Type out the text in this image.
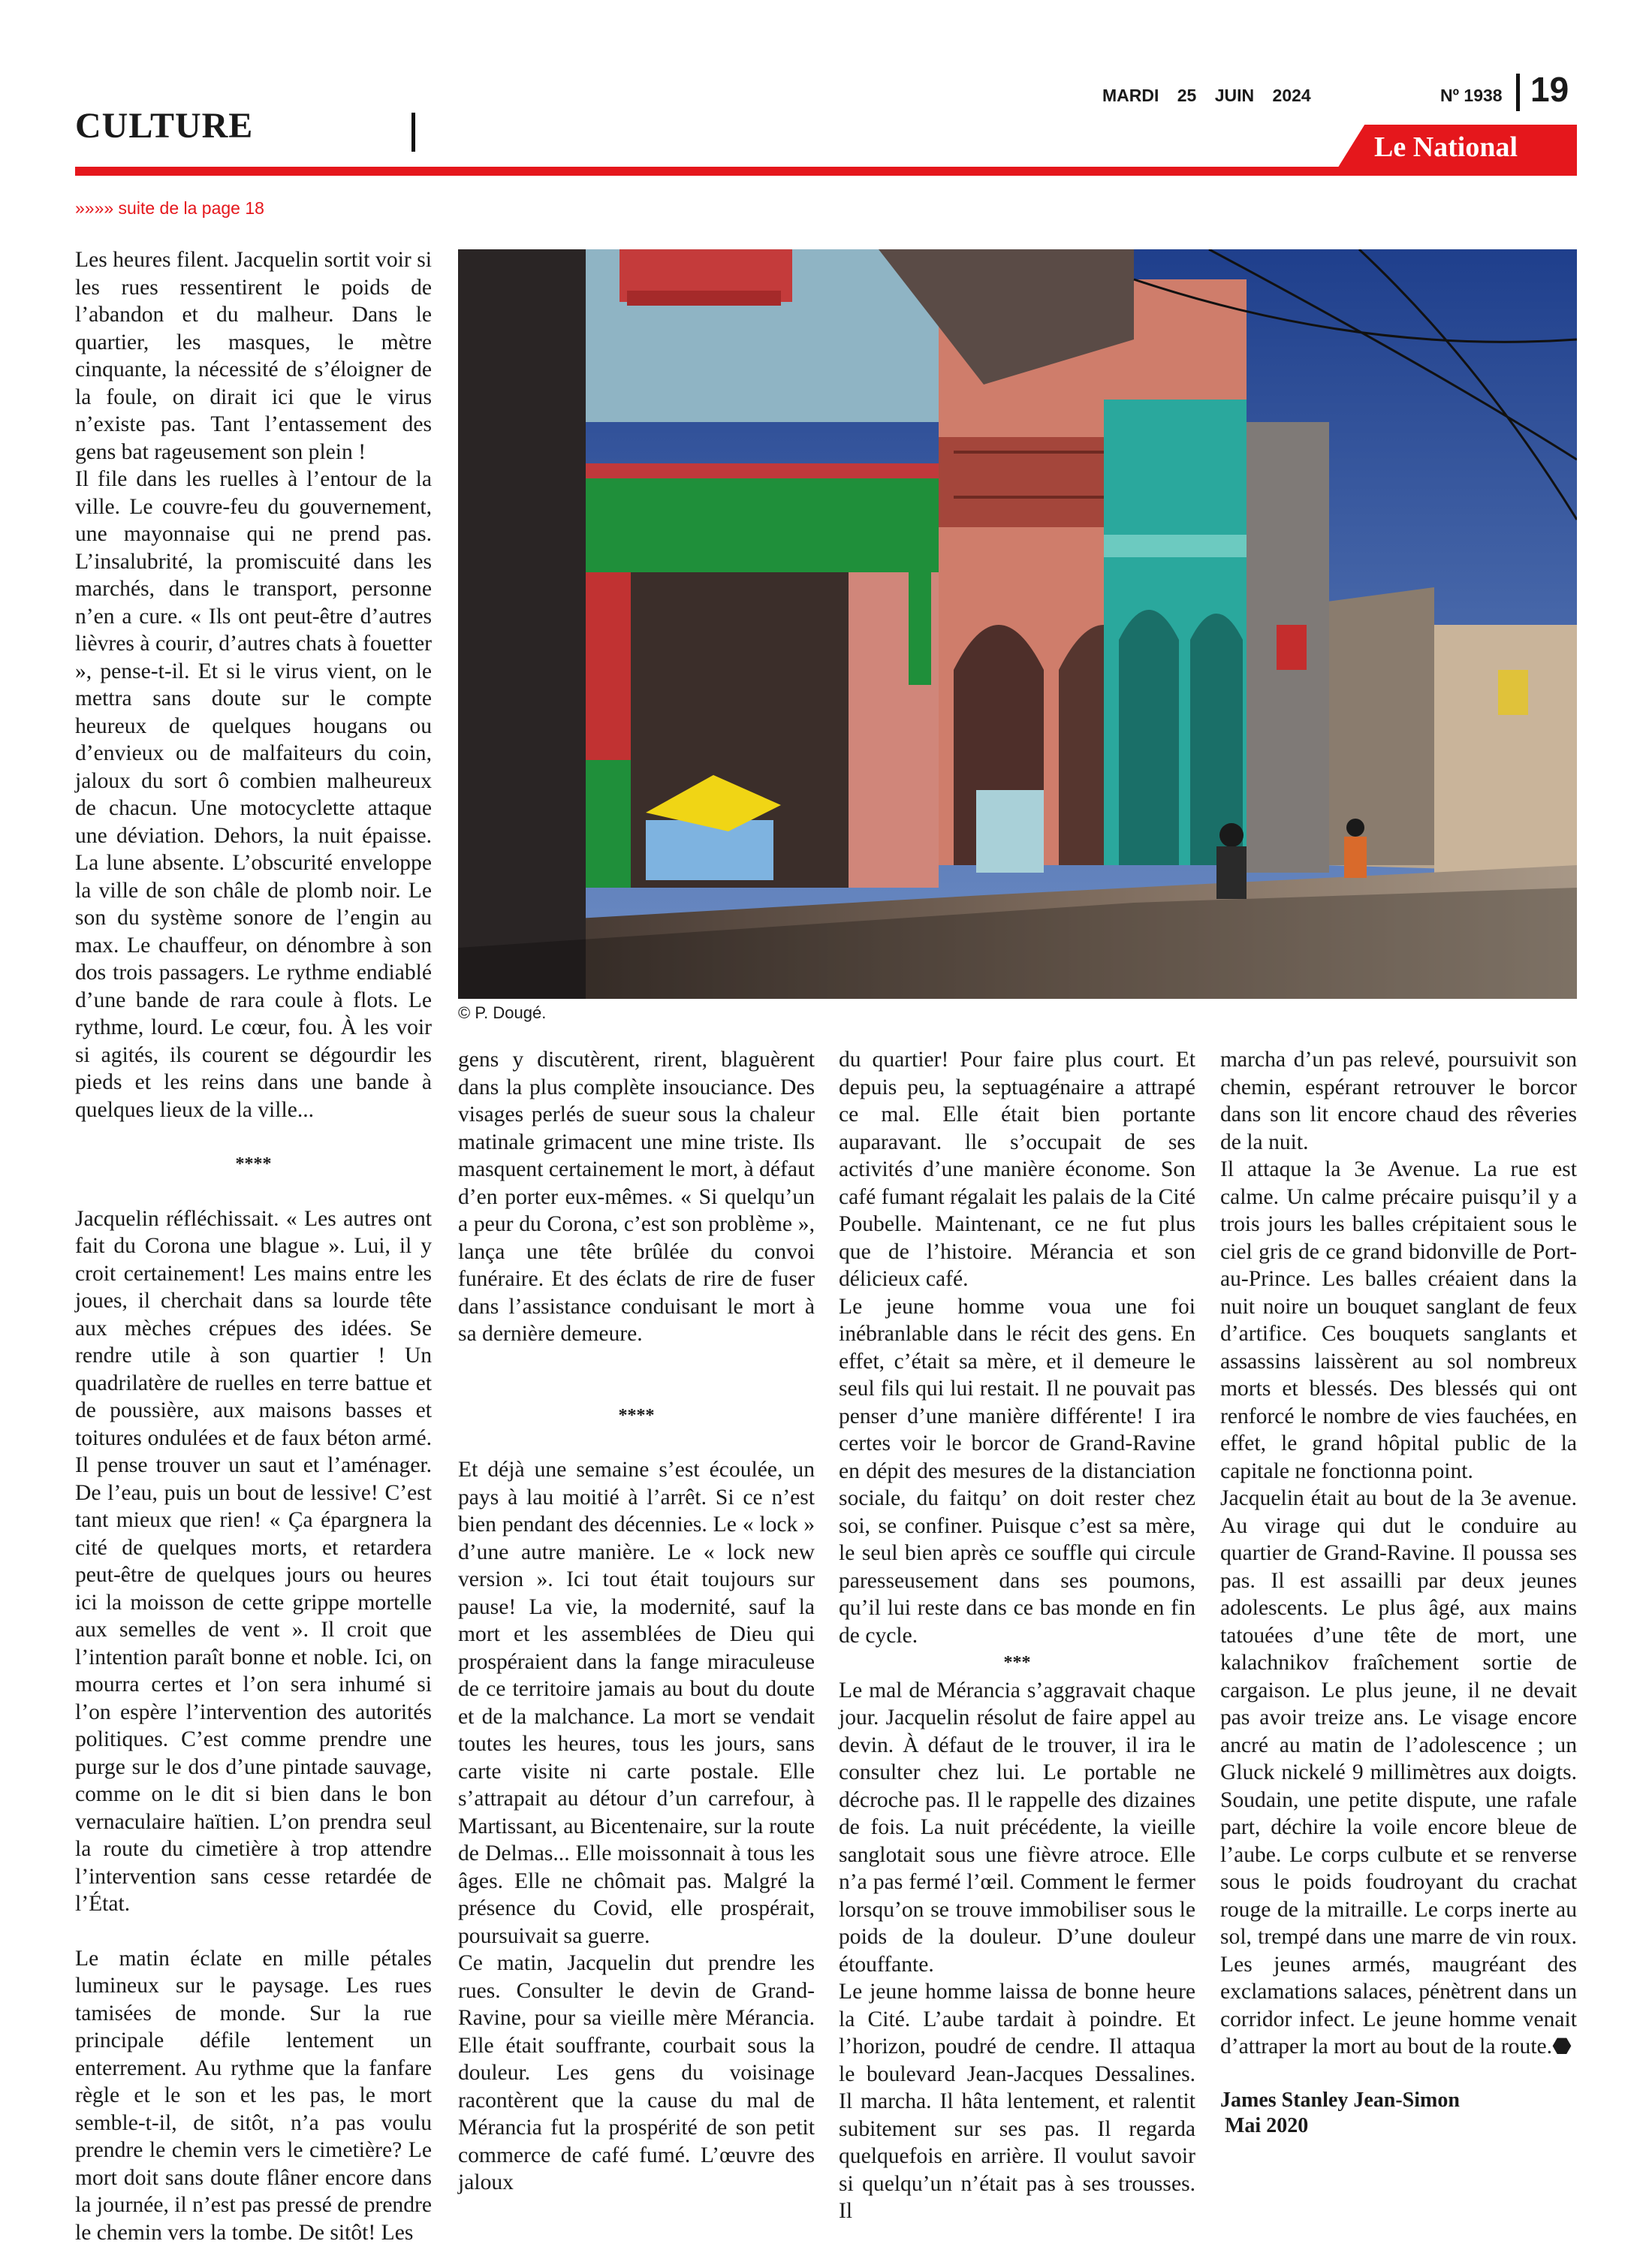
CULTURE
MARDI 25 JUIN 2024	Nº 1938 19
Le National
»»»» suite de la page 18
© P. Dougé.

Les heures filent. Jacquelin sortit voir si les rues ressentirent le poids de l’abandon et du malheur. Dans le quartier, les masques, le mètre cinquante, la nécessité de s’éloigner de la foule, on dirait ici que le virus n’existe pas. Tant l’entassement des gens bat rageusement son plein !

Il file dans les ruelles à l’entour de la ville. Le couvre-feu du gouvernement, une mayonnaise qui ne prend pas. L’insalubrité, la promiscuité dans les marchés, dans le transport, personne n’en a cure. « Ils ont peut-être d’autres lièvres à courir, d’autres chats à fouetter », pense-t-il. Et si le virus vient, on le mettra sans doute sur le compte heureux de quelques hougans ou d’envieux ou de malfaiteurs du coin, jaloux du sort ô combien malheureux de chacun. Une motocyclette attaque une déviation. Dehors, la nuit épaisse. La lune absente. L’obscurité enveloppe la ville de son châle de plomb noir. Le son du système sonore de l’engin au max. Le chauffeur, on dénombre à son dos trois passagers. Le rythme endiablé d’une bande de rara coule à flots. Le rythme, lourd. Le cœur, fou. À les voir si agités, ils courent se dégourdir les pieds et les reins dans une bande à quelques lieux de la ville...

****

Jacquelin réfléchissait. « Les autres ont fait du Corona une blague ». Lui, il y croit certainement! Les mains entre les joues, il cherchait dans sa lourde tête aux mèches crépues des idées. Se rendre utile à son quartier ! Un quadrilatère de ruelles en terre battue et de poussière, aux maisons basses et toitures ondulées et de faux béton armé. Il pense trouver un saut et l’aménager. De l’eau, puis un bout de lessive! C’est tant mieux que rien! « Ça épargnera la cité de quelques morts, et retardera peut-être de quelques jours ou heures ici la moisson de cette grippe mortelle aux semelles de vent ». Il croit que l’intention paraît bonne et noble. Ici, on mourra certes et l’on sera inhumé si l’on espère l’intervention des autorités politiques. C’est comme prendre une purge sur le dos d’une pintade sauvage, comme on le dit si bien dans le bon vernaculaire haïtien. L’on prendra seul la route du cimetière à trop attendre l’intervention sans cesse retardée de l’État.

Le matin éclate en mille pétales lumineux sur le paysage. Les rues tamisées de monde. Sur la rue principale défile lentement un enterrement. Au rythme que la fanfare règle et le son et les pas, le mort semble-t-il, de sitôt, n’a pas voulu prendre le chemin vers le cimetière? Le mort doit sans doute flâner encore dans la journée, il n’est pas pressé de prendre le chemin vers la tombe. De sitôt! Les

gens y discutèrent, rirent, blaguèrent dans la plus complète insouciance. Des visages perlés de sueur sous la chaleur matinale grimacent une mine triste. Ils masquent certainement le mort, à défaut d’en porter eux-mêmes. « Si quelqu’un a peur du Corona, c’est son problème », lança une tête brûlée du convoi funéraire. Et des éclats de rire de fuser dans l’assistance conduisant le mort à sa dernière demeure.

****

Et déjà une semaine s’est écoulée, un pays à lau moitié à l’arrêt. Si ce n’est bien pendant des décennies. Le « lock » d’une autre manière. Le « lock new version ». Ici tout était toujours sur pause! La vie, la modernité, sauf la mort et les assemblées de Dieu qui prospéraient dans la fange miraculeuse de ce territoire jamais au bout du doute et de la malchance. La mort se vendait toutes les heures, tous les jours, sans carte visite ni carte postale. Elle s’attrapait au détour d’un carrefour, à Martissant, au Bicentenaire, sur la route de Delmas... Elle moissonnait à tous les âges. Elle ne chômait pas. Malgré la présence du Covid, elle prospérait, poursuivait sa guerre.

Ce matin, Jacquelin dut prendre les rues. Consulter le devin de Grand-Ravine, pour sa vieille mère Mérancia. Elle était souffrante, courbait sous la douleur. Les gens du voisinage racontèrent que la cause du mal de Mérancia fut la prospérité de son petit commerce de café fumé. L’œuvre des jaloux

du quartier! Pour faire plus court. Et depuis peu, la septuagénaire a attrapé ce mal. Elle était bien portante auparavant. lle s’occupait de ses activités d’une manière économe. Son café fumant régalait les palais de la Cité Poubelle. Maintenant, ce ne fut plus que de l’histoire. Mérancia et son délicieux café.

Le jeune homme voua une foi inébranlable dans le récit des gens. En effet, c’était sa mère, et il demeure le seul fils qui lui restait. Il ne pouvait pas penser d’une manière différente! I ira certes voir le borcor de Grand-Ravine en dépit des mesures de la distanciation sociale, du faitqu’ on doit rester chez soi, se confiner. Puisque c’est sa mère, le seul bien après ce souffle qui circule paresseusement dans ses poumons, qu’il lui reste dans ce bas monde en fin de cycle.

***

Le mal de Mérancia s’aggravait chaque jour. Jacquelin résolut de faire appel au devin. À défaut de le trouver, il ira le consulter chez lui. Le portable ne décroche pas. Il le rappelle des dizaines de fois. La nuit précédente, la vieille sanglotait sous une fièvre atroce. Elle n’a pas fermé l’œil. Comment le fermer lorsqu’on se trouve immobiliser sous le poids de la douleur. D’une douleur étouffante.

Le jeune homme laissa de bonne heure la Cité. L’aube tardait à poindre. Et l’horizon, poudré de cendre. Il attaqua le boulevard Jean-Jacques Dessalines. Il marcha. Il hâta lentement, et ralentit subitement sur ses pas. Il regarda quelquefois en arrière. Il voulut savoir si quelqu’un n’était pas à ses trousses. Il

marcha d’un pas relevé, poursuivit son chemin, espérant retrouver le borcor dans son lit encore chaud des rêveries de la nuit.

Il attaque la 3e Avenue. La rue est calme. Un calme précaire puisqu’il y a trois jours les balles crépitaient sous le ciel gris de ce grand bidonville de Port-au-Prince. Les balles créaient dans la nuit noire un bouquet sanglant de feux d’artifice. Ces bouquets sanglants et assassins laissèrent au sol nombreux morts et blessés. Des blessés qui ont renforcé le nombre de vies fauchées, en effet, le grand hôpital public de la capitale ne fonctionna point.

Jacquelin était au bout de la 3e avenue. Au virage qui dut le conduire au quartier de Grand-Ravine. Il poussa ses pas. Il est assailli par deux jeunes adolescents. Le plus âgé, aux mains tatouées d’une tête de mort, une kalachnikov fraîchement sortie de cargaison. Le plus jeune, il ne devait pas avoir treize ans. Le visage encore ancré au matin de l’adolescence ; un Gluck nickelé 9 millimètres aux doigts. Soudain, une petite dispute, une rafale part, déchire la voile encore bleue de l’aube. Le corps culbute et se renverse sous le poids foudroyant du crachat rouge de la mitraille. Le corps inerte au sol, trempé dans une marre de vin roux. Les jeunes armés, maugréant des exclamations salaces, pénètrent dans un corridor infect. Le jeune homme venait d’attraper la mort au bout de la route.⬣

James Stanley Jean-Simon

Mai 2020
